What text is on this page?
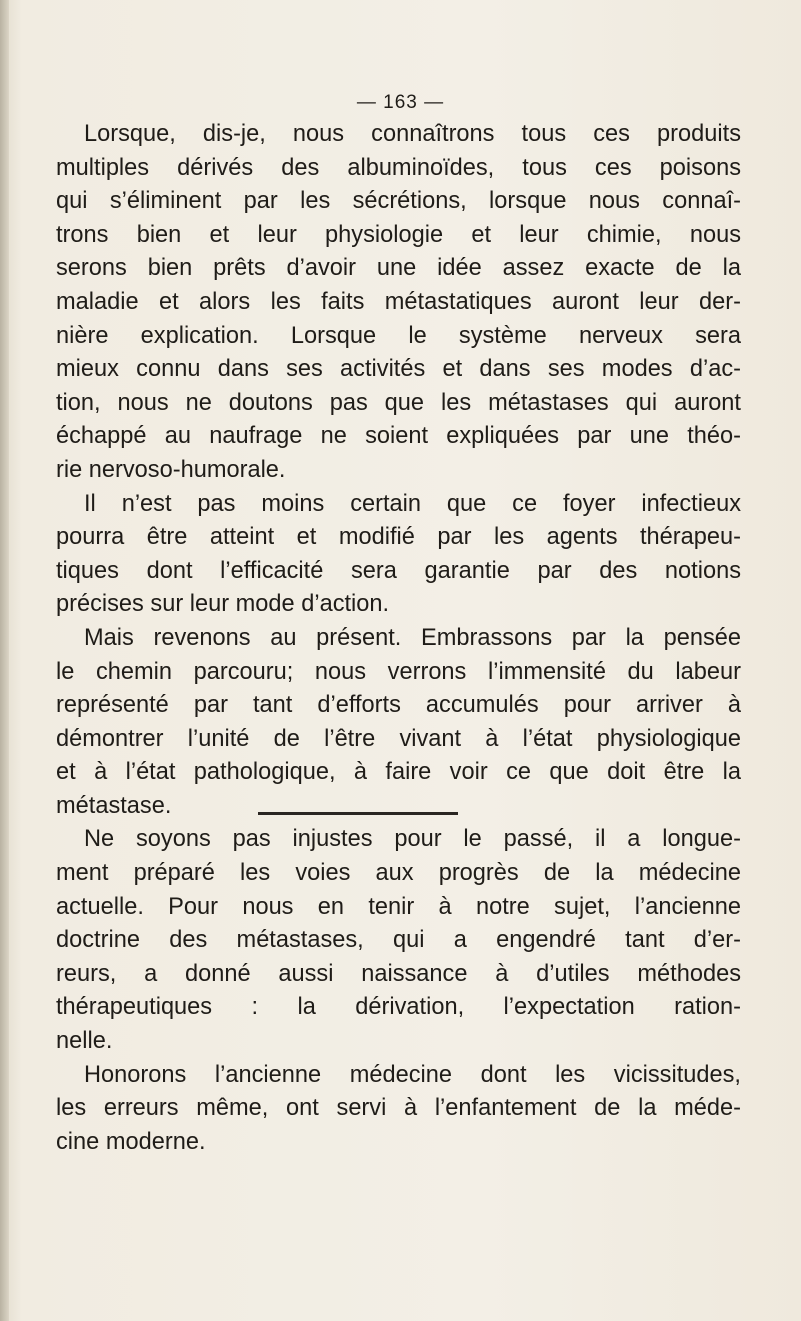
— 163 —
Lorsque, dis-je, nous connaîtrons tous ces produits
multiples dérivés des albuminoïdes, tous ces poisons
qui s’éliminent par les sécrétions, lorsque nous connaî-
trons bien et leur physiologie et leur chimie, nous
serons bien prêts d’avoir une idée assez exacte de la
maladie et alors les faits métastatiques auront leur der-
nière explication. Lorsque le système nerveux sera
mieux connu dans ses activités et dans ses modes d’ac-
tion, nous ne doutons pas que les métastases qui auront
échappé au naufrage ne soient expliquées par une théo-
rie nervoso-humorale.
Il n’est pas moins certain que ce foyer infectieux
pourra être atteint et modifié par les agents thérapeu-
tiques dont l’efficacité sera garantie par des notions
précises sur leur mode d’action.
Mais revenons au présent. Embrassons par la pensée
le chemin parcouru; nous verrons l’immensité du labeur
représenté par tant d’efforts accumulés pour arriver à
démontrer l’unité de l’être vivant à l’état physiologique
et à l’état pathologique, à faire voir ce que doit être la
métastase.
Ne soyons pas injustes pour le passé, il a longue-
ment préparé les voies aux progrès de la médecine
actuelle. Pour nous en tenir à notre sujet, l’ancienne
doctrine des métastases, qui a engendré tant d’er-
reurs, a donné aussi naissance à d’utiles méthodes
thérapeutiques : la dérivation, l’expectation ration-
nelle.
Honorons l’ancienne médecine dont les vicissitudes,
les erreurs même, ont servi à l’enfantement de la méde-
cine moderne.
